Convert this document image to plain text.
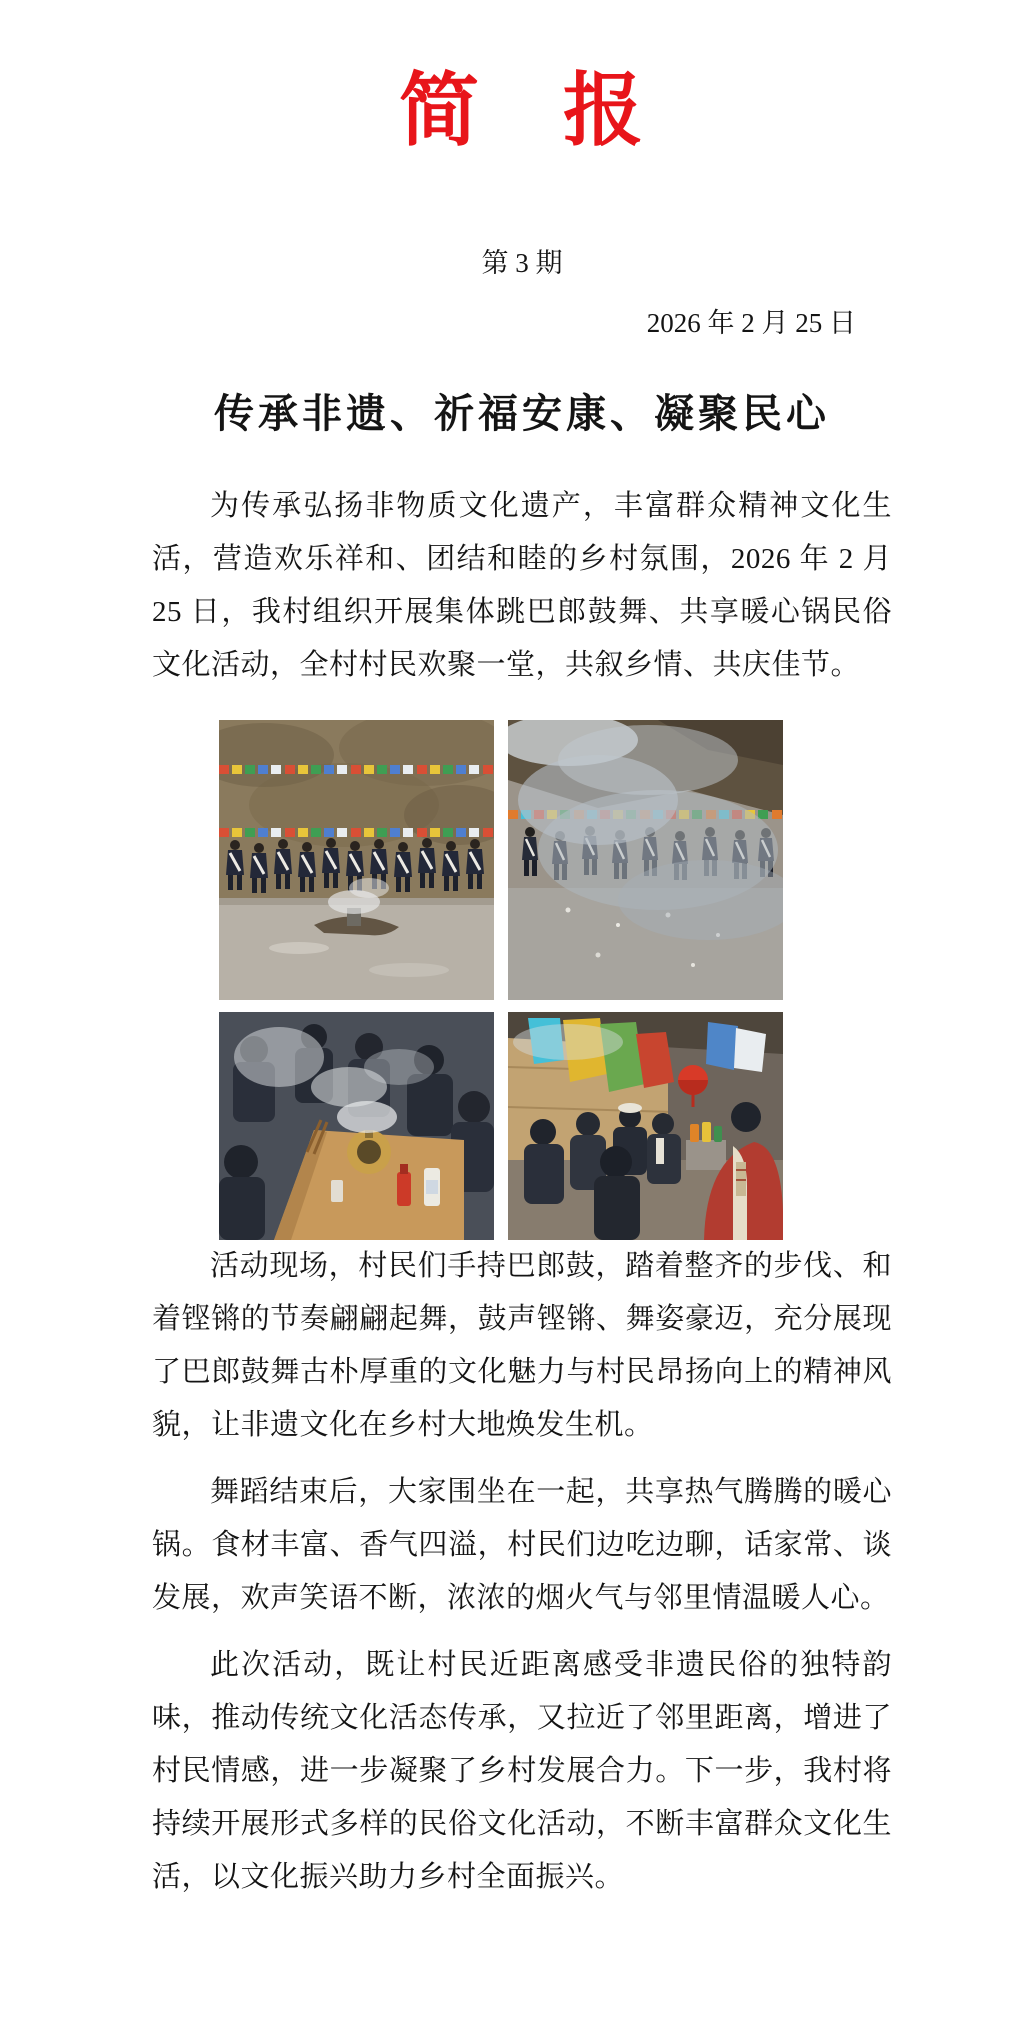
简　报
第 3 期
2026 年 2 月 25 日
传承非遗、祈福安康、凝聚民心

为传承弘扬非物质文化遗产，丰富群众精神文化生活，营造欢乐祥和、团结和睦的乡村氛围，2026 年 2 月 25 日，我村组织开展集体跳巴郎鼓舞、共享暖心锅民俗文化活动，全村村民欢聚一堂，共叙乡情、共庆佳节。

活动现场，村民们手持巴郎鼓，踏着整齐的步伐、和着铿锵的节奏翩翩起舞，鼓声铿锵、舞姿豪迈，充分展现了巴郎鼓舞古朴厚重的文化魅力与村民昂扬向上的精神风貌，让非遗文化在乡村大地焕发生机。

舞蹈结束后，大家围坐在一起，共享热气腾腾的暖心锅。食材丰富、香气四溢，村民们边吃边聊，话家常、谈发展，欢声笑语不断，浓浓的烟火气与邻里情温暖人心。

此次活动，既让村民近距离感受非遗民俗的独特韵味，推动传统文化活态传承，又拉近了邻里距离，增进了村民情感，进一步凝聚了乡村发展合力。下一步，我村将持续开展形式多样的民俗文化活动，不断丰富群众文化生活，以文化振兴助力乡村全面振兴。
